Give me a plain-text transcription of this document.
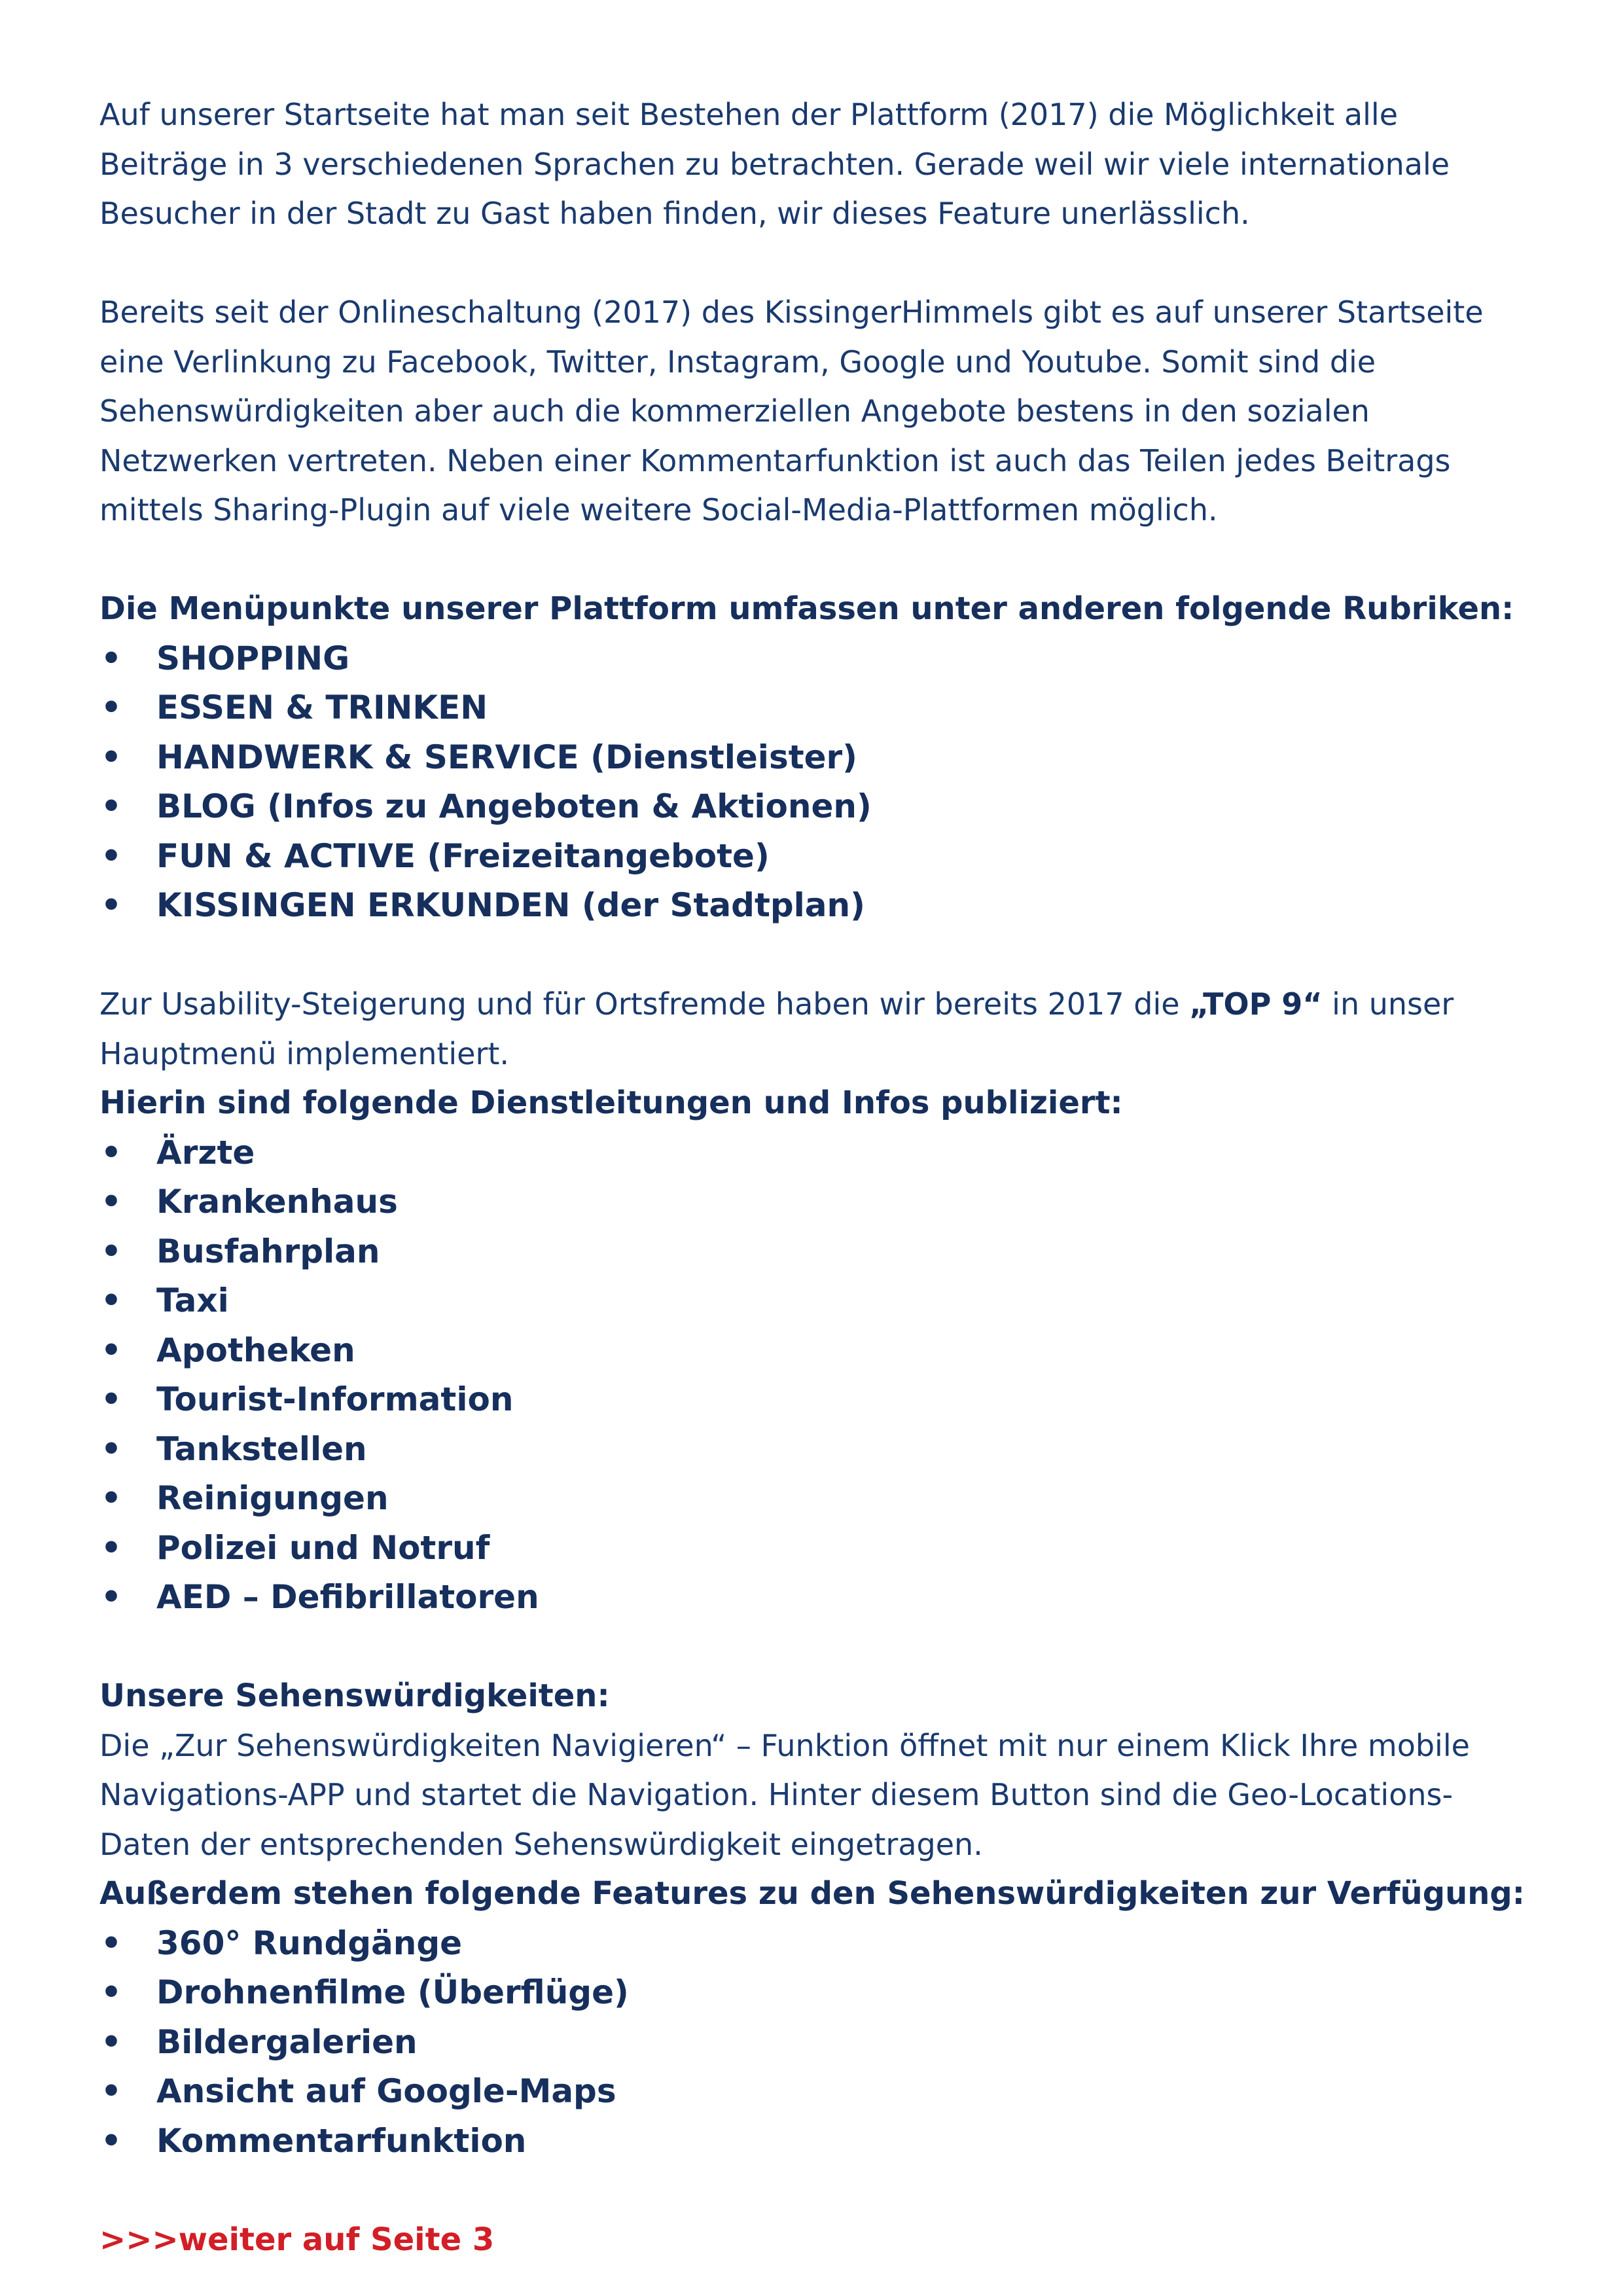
Auf unserer Startseite hat man seit Bestehen der Plattform (2017) die Möglichkeit alle Beiträge in 3 verschiedenen Sprachen zu betrachten. Gerade weil wir viele internationale Besucher in der Stadt zu Gast haben finden, wir dieses Feature unerlässlich.

Bereits seit der Onlineschaltung (2017) des KissingerHimmels gibt es auf unserer Startseite eine Verlinkung zu Facebook, Twitter, Instagram, Google und Youtube. Somit sind die Sehenswürdigkeiten aber auch die kommerziellen Angebote bestens in den sozialen Netzwerken vertreten. Neben einer Kommentarfunktion ist auch das Teilen jedes Beitrags mittels Sharing-Plugin auf viele weitere Social-Media-Plattformen möglich.

Die Menüpunkte unserer Plattform umfassen unter anderen folgende Rubriken:

• SHOPPING
• ESSEN & TRINKEN
• HANDWERK & SERVICE (Dienstleister)
• BLOG (Infos zu Angeboten & Aktionen)
• FUN & ACTIVE (Freizeitangebote)
• KISSINGEN ERKUNDEN (der Stadtplan)

Zur Usability-Steigerung und für Ortsfremde haben wir bereits 2017 die „TOP 9“ in unser Hauptmenü implementiert.

Hierin sind folgende Dienstleitungen und Infos publiziert:

• Ärzte
• Krankenhaus
• Busfahrplan
• Taxi
• Apotheken
• Tourist-Information
• Tankstellen
• Reinigungen
• Polizei und Notruf
• AED – Defibrillatoren

Unsere Sehenswürdigkeiten:

Die „Zur Sehenswürdigkeiten Navigieren“ – Funktion öffnet mit nur einem Klick Ihre mobile Navigations-APP und startet die Navigation. Hinter diesem Button sind die Geo-Locations-Daten der entsprechenden Sehenswürdigkeit eingetragen.

Außerdem stehen folgende Features zu den Sehenswürdigkeiten zur Verfügung:

• 360° Rundgänge
• Drohnenfilme (Überflüge)
• Bildergalerien
• Ansicht auf Google-Maps
• Kommentarfunktion

>>>weiter auf Seite 3
